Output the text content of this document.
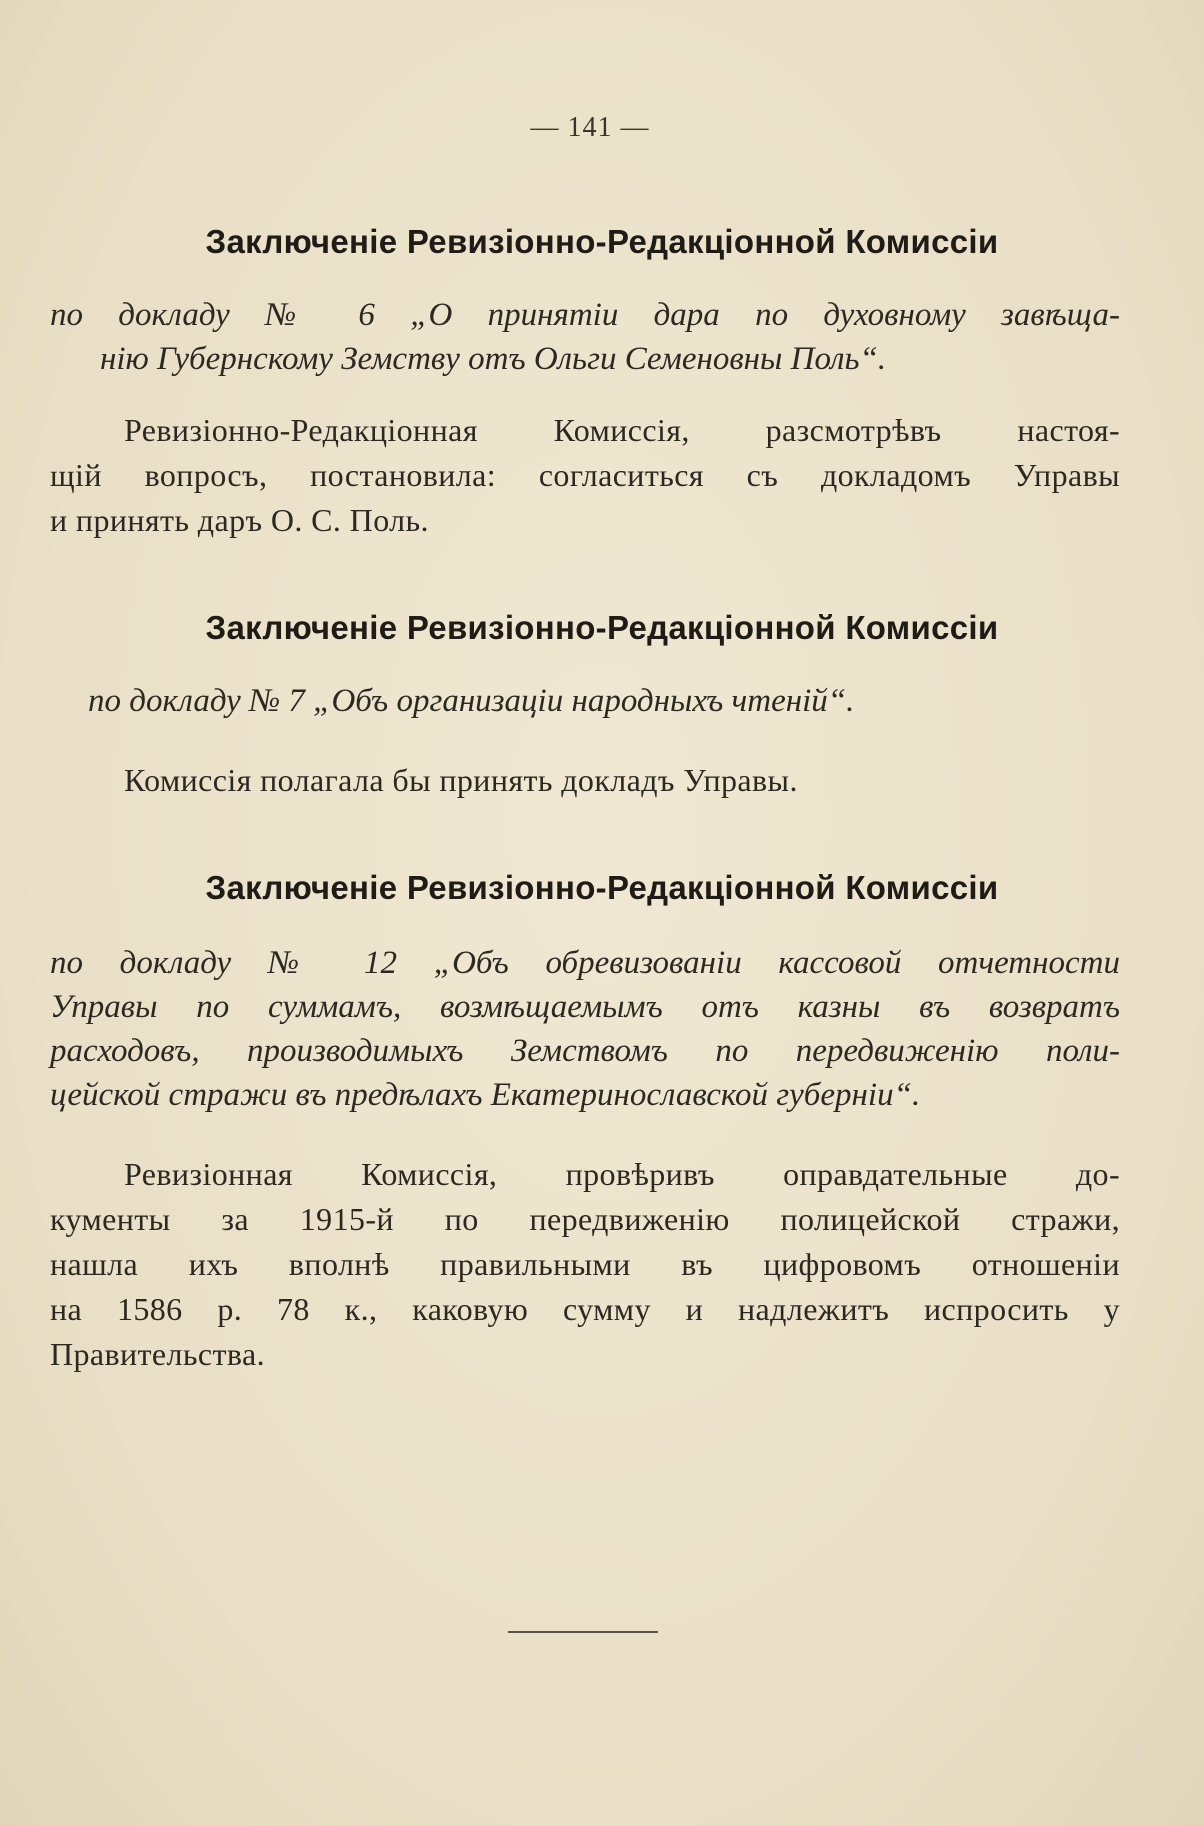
— 141 —
Заключеніе Ревизіонно-Редакціонной Комиссіи
по докладу № 6 „О принятіи дара по духовному завѣща-
нію Губернскому Земству отъ Ольги Семеновны Поль“.
Ревизіонно-Редакціонная Комиссія, разсмотрѣвъ настоя-
щій вопросъ, постановила: согласиться съ докладомъ Управы
и принять даръ О. С. Поль.
Заключеніе Ревизіонно-Редакціонной Комиссіи
по докладу № 7 „Объ организаціи народныхъ чтеній“.
Комиссія полагала бы принять докладъ Управы.
Заключеніе Ревизіонно-Редакціонной Комиссіи
по докладу № 12 „Объ обревизованіи кассовой отчетности
Управы по суммамъ, возмѣщаемымъ отъ казны въ возвратъ
расходовъ, производимыхъ Земствомъ по передвиженію поли-
цейской стражи въ предѣлахъ Екатеринославской губерніи“.
Ревизіонная Комиссія, провѣривъ оправдательные до-
кументы за 1915-й по передвиженію полицейской стражи,
нашла ихъ вполнѣ правильными въ цифровомъ отношеніи
на 1586 р. 78 к., каковую сумму и надлежитъ испросить у
Правительства.
